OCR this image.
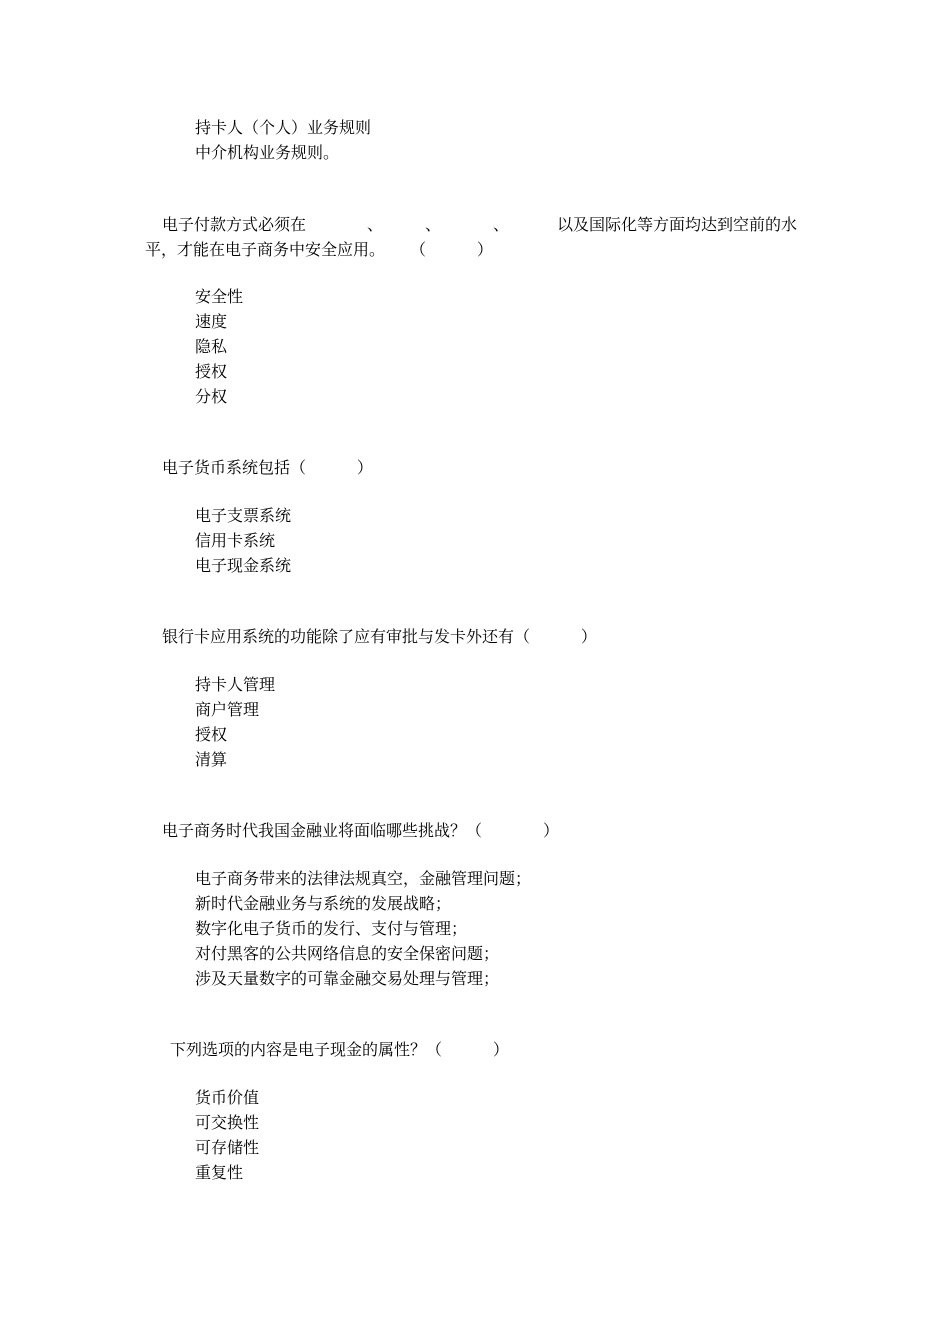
持卡人（个人）业务规则
中介机构业务规则。
电子付款方式必须在	、	、	、	以及国际化等方面均达到空前的水
平，才能在电子商务中安全应用。 （          ）
安全性
速度
隐私
授权
分权
电子货币系统包括（          ）
电子支票系统
信用卡系统
电子现金系统
银行卡应用系统的功能除了应有审批与发卡外还有（          ）
持卡人管理
商户管理
授权
清算
电子商务时代我国金融业将面临哪些挑战？（            ）
电子商务带来的法律法规真空，金融管理问题；
新时代金融业务与系统的发展战略；
数字化电子货币的发行、支付与管理；
对付黑客的公共网络信息的安全保密问题；
涉及天量数字的可靠金融交易处理与管理；
下列选项的内容是电子现金的属性？（          ）
货币价值
可交换性
可存储性
重复性
